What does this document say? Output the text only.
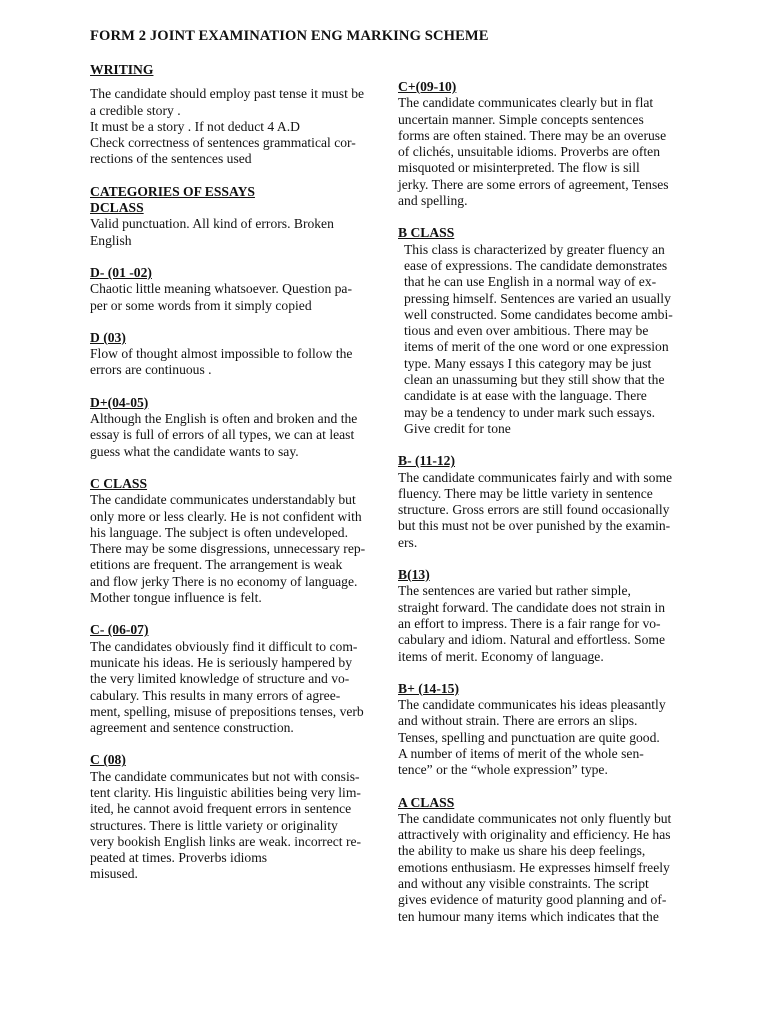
FORM 2 JOINT EXAMINATION ENG MARKING SCHEME
WRITING
The candidate should employ past tense it must be
a credible story .
It must be a story . If not deduct 4 A.D
Check correctness of sentences grammatical cor-
rections of the sentences used
CATEGORIES OF ESSAYS
DCLASS
Valid punctuation. All kind of errors. Broken
English
D- (01 -02)
Chaotic little meaning whatsoever. Question pa-
per or some words from it simply copied
D (03)
Flow of thought almost impossible to follow the
errors are continuous .
D+(04-05)
Although the English is often and broken and the
essay is full of errors of all types, we can at least
guess what the candidate wants to say.
C CLASS
The candidate communicates understandably but
only more or less clearly. He is not confident with
his language. The subject is often undeveloped.
There may be some disgressions, unnecessary rep-
etitions are frequent. The arrangement is weak
and flow jerky There is no economy of language.
Mother tongue influence is felt.
C- (06-07)
The candidates obviously find it difficult to com-
municate his ideas. He is seriously hampered by
the very limited knowledge of structure and vo-
cabulary. This results in many errors of agree-
ment, spelling, misuse of prepositions tenses, verb
agreement and sentence construction.
C (08)
The candidate communicates but not with consis-
tent clarity. His linguistic abilities being very lim-
ited, he cannot avoid frequent errors in sentence
structures. There is little variety or originality
very bookish English links are weak. incorrect re-
peated at times. Proverbs idioms
misused.
C+(09-10)
The candidate communicates clearly but in flat
uncertain manner. Simple concepts sentences
forms are often stained. There may be an overuse
of clichés, unsuitable idioms. Proverbs are often
misquoted or misinterpreted. The flow is sill
jerky. There are some errors of agreement, Tenses
and spelling.
B CLASS
This class is characterized by greater fluency an
ease of expressions. The candidate demonstrates
that he can use English in a normal way of ex-
pressing himself. Sentences are varied an usually
well constructed. Some candidates become ambi-
tious and even over ambitious. There may be
items of merit of the one word or one expression
type. Many essays I this category may be just
clean an unassuming but they still show that the
candidate is at ease with the language. There
may be a tendency to under mark such essays.
Give credit for tone
B- (11-12)
The candidate communicates fairly and with some
fluency. There may be little variety in sentence
structure. Gross errors are still found occasionally
but this must not be over punished by the examin-
ers.
B(13)
The sentences are varied but rather simple,
straight forward. The candidate does not strain in
an effort to impress. There is a fair range for vo-
cabulary and idiom. Natural and effortless. Some
items of merit. Economy of language.
B+ (14-15)
The candidate communicates his ideas pleasantly
and without strain. There are errors an slips.
Tenses, spelling and punctuation are quite good.
A number of items of merit of the whole sen-
tence” or the “whole expression” type.
A CLASS
The candidate communicates not only fluently but
attractively with originality and efficiency. He has
the ability to make us share his deep feelings,
emotions enthusiasm. He expresses himself freely
and without any visible constraints. The script
gives evidence of maturity good planning and of-
ten humour many items which indicates that the
